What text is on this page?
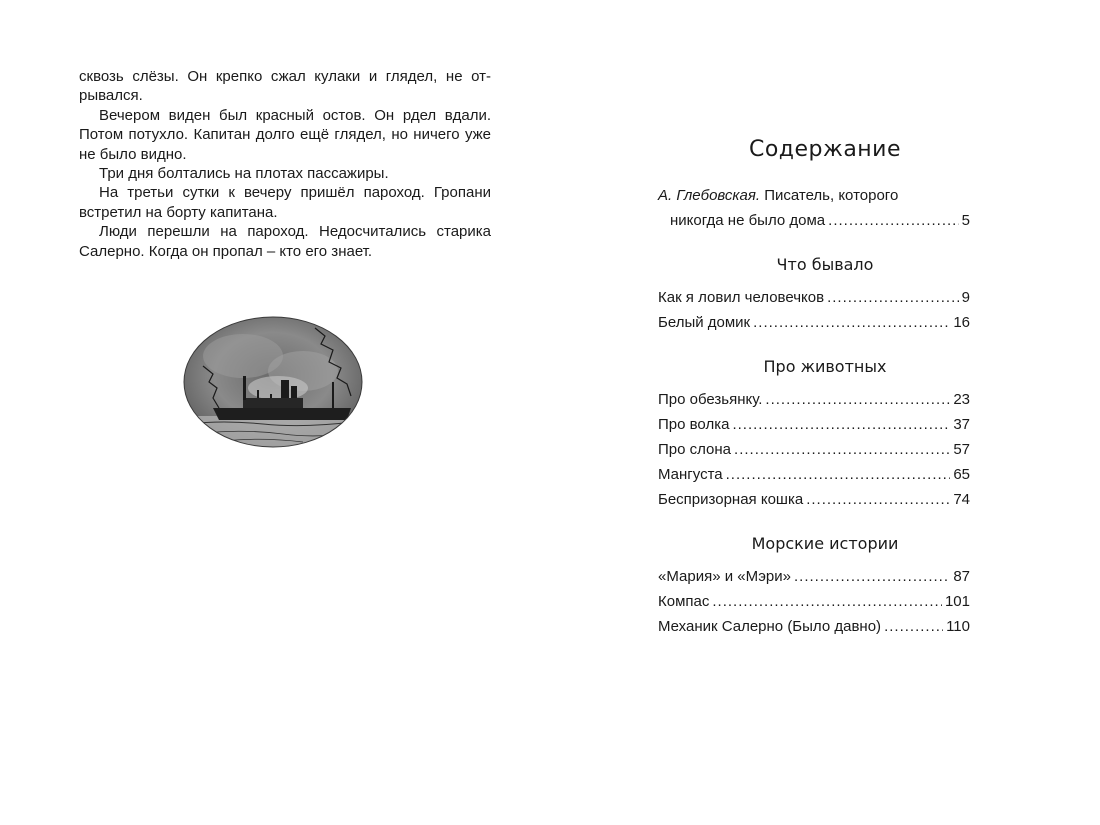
сквозь слёзы. Он крепко сжал кулаки и глядел, не от-рывался.

Вечером виден был красный остов. Он рдел вдали. Потом потухло. Капитан долго ещё глядел, но ничего уже не было видно.

Три дня болтались на плотах пассажиры.

На третьи сутки к вечеру пришёл пароход. Гропани встретил на борту капитана.

Люди перешли на пароход. Недосчитались старика Салерно. Когда он пропал – кто его знает.

Содержание
А. Глебовская. Писатель, которого
никогда не было дома .....	5
Что бывало
Как я ловил человечков .....	9
Белый домик .....	16
Про животных
Про обезьянку. .....	23
Про волка .....	37
Про слона .....	57
Мангуста .....	65
Беспризорная кошка .....	74
Морские истории
«Мария» и «Мэри» .....	87
Компас .....	101
Механик Салерно (Было давно) .....	110
